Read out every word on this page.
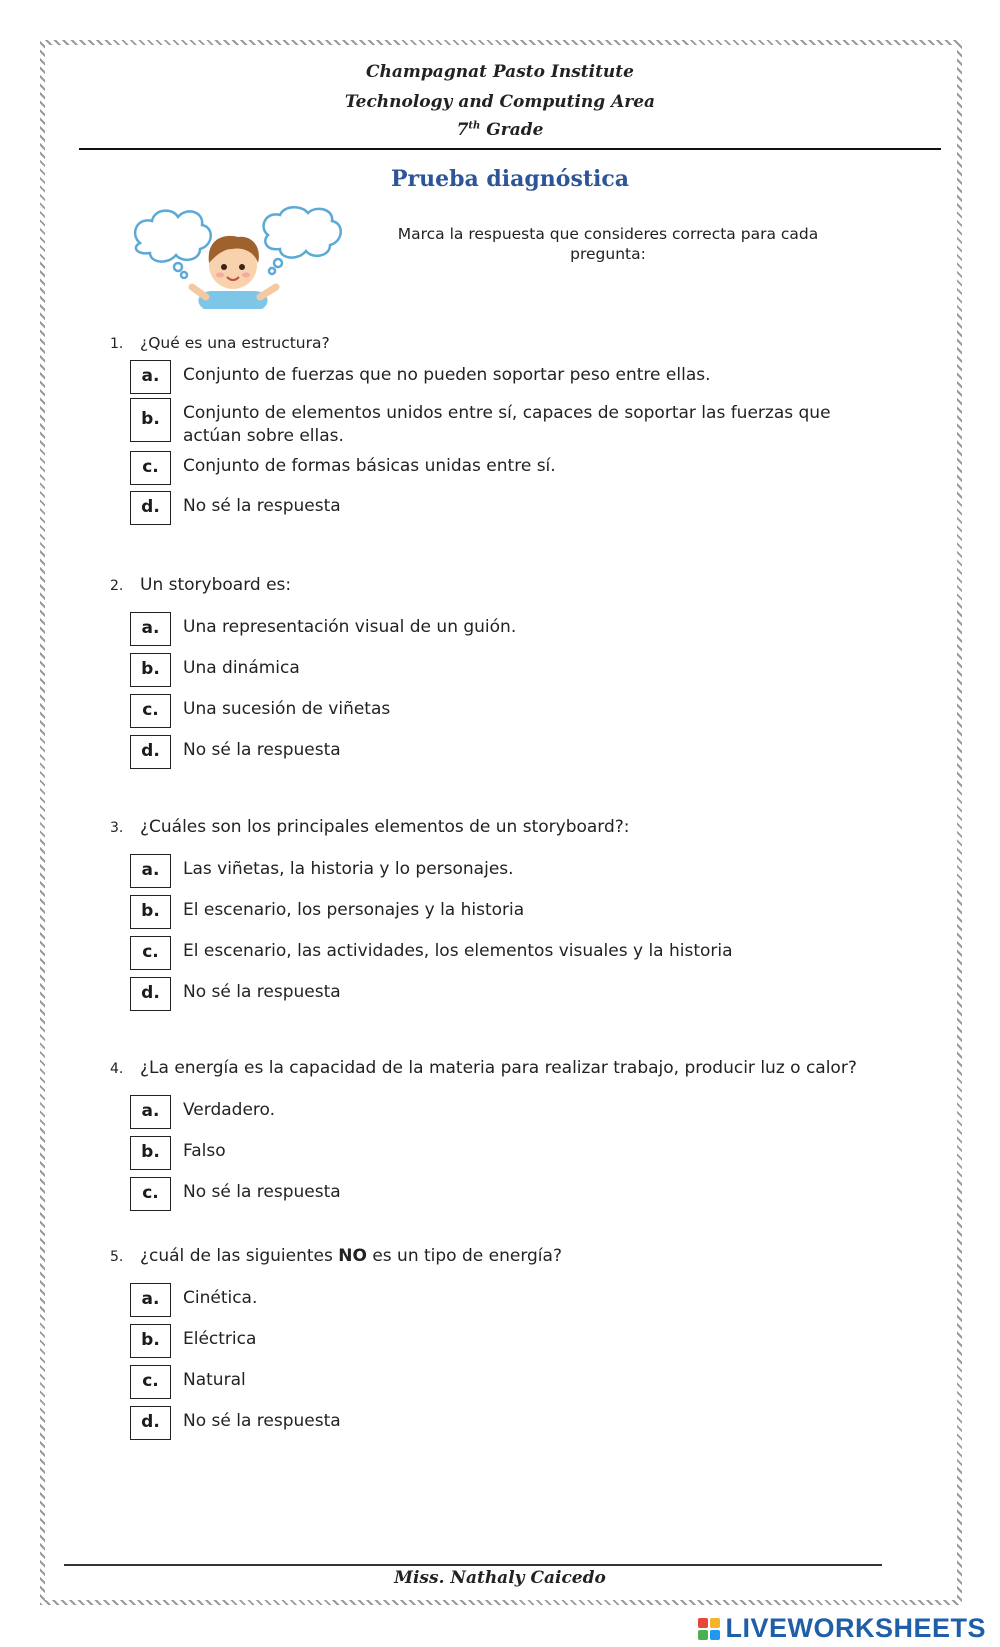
Champagnat Pasto Institute
Technology and Computing Area
7th Grade
Prueba diagnóstica
Marca la respuesta que consideres correcta para cada pregunta:
1. ¿Qué es una estructura?
a.	Conjunto de fuerzas que no pueden soportar peso entre ellas.
b.	Conjunto de elementos unidos entre sí, capaces de soportar las fuerzas que actúan sobre ellas.
c.	Conjunto de formas básicas unidas entre sí.
d.	No sé la respuesta
2. Un storyboard es:
a.	Una representación visual de un guión.
b.	Una dinámica
c.	Una sucesión de viñetas
d.	No sé la respuesta
3. ¿Cuáles son los principales elementos de un storyboard?:
a.	Las viñetas, la historia y lo personajes.
b.	El escenario, los personajes y la historia
c.	El escenario, las actividades, los elementos visuales y la historia
d.	No sé la respuesta
4. ¿La energía es la capacidad de la materia para realizar trabajo, producir luz o calor?
a.	Verdadero.
b.	Falso
c.	No sé la respuesta
5. ¿cuál de las siguientes NO es un tipo de energía?
a.	Cinética.
b.	Eléctrica
c.	Natural
d.	No sé la respuesta
Miss. Nathaly Caicedo
LIVEWORKSHEETS
